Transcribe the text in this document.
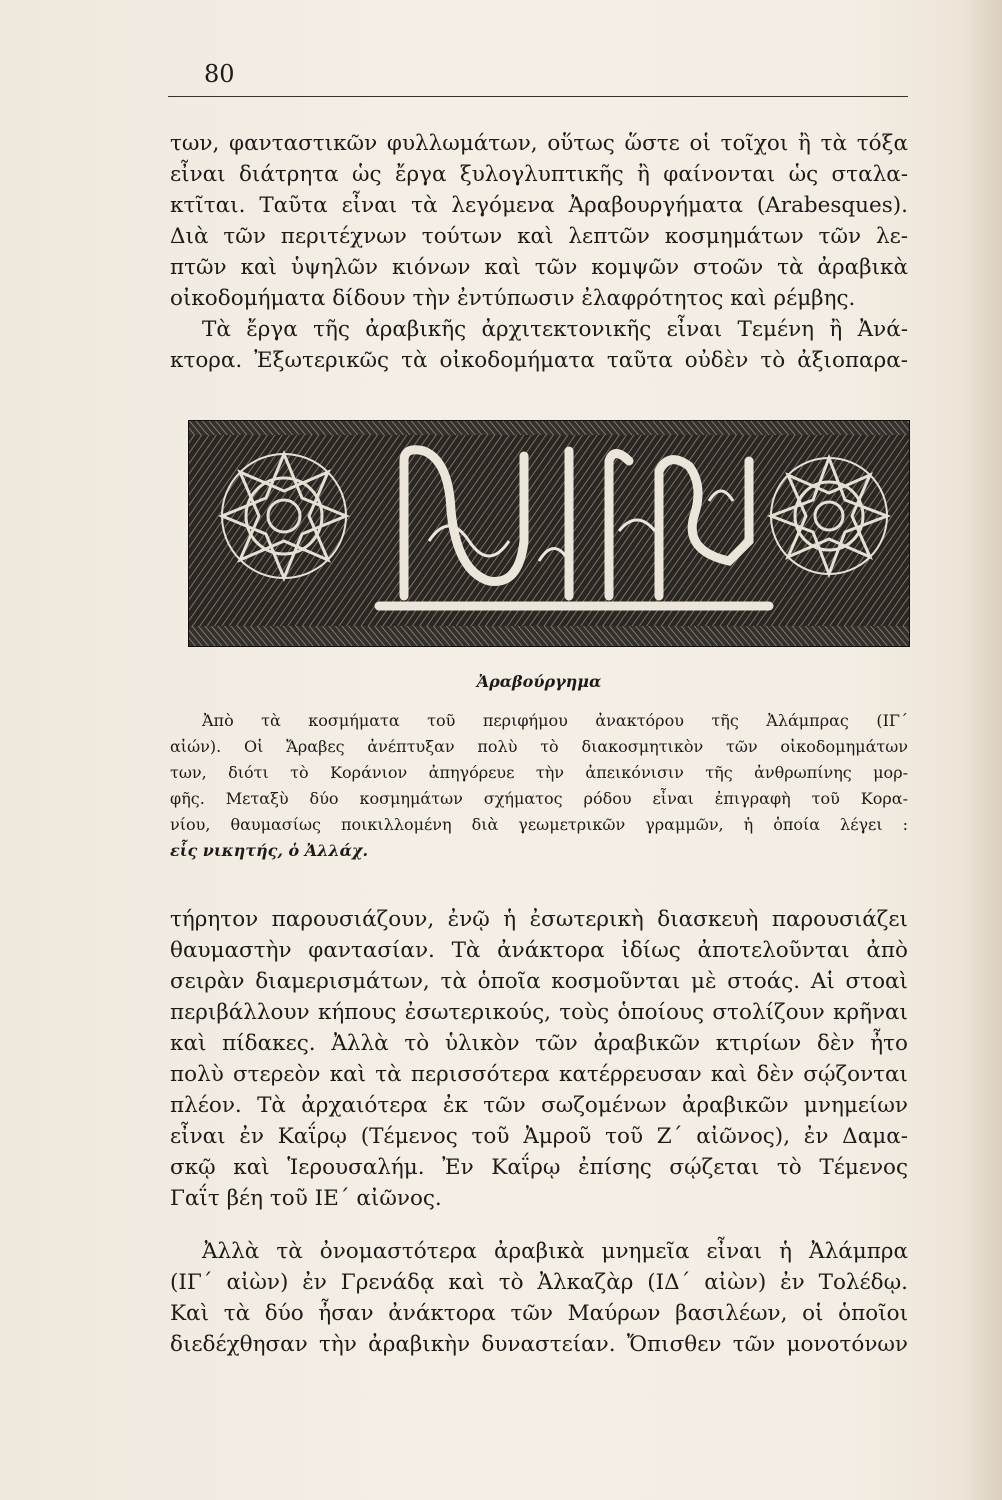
80
των, φανταστικῶν φυλλωμάτων, οὕτως ὥστε οἱ τοῖχοι ἢ τὰ τόξα
εἶναι διάτρητα ὡς ἔργα ξυλογλυπτικῆς ἢ φαίνονται ὡς σταλα-
κτῖται. Ταῦτα εἶναι τὰ λεγόμενα Ἀραβουργήματα (Arabesques).
Διὰ τῶν περιτέχνων τούτων καὶ λεπτῶν κοσμημάτων τῶν λε-
πτῶν καὶ ὑψηλῶν κιόνων καὶ τῶν κομψῶν στοῶν τὰ ἀραβικὰ
οἰκοδομήματα δίδουν τὴν ἐντύπωσιν ἐλαφρότητος καὶ ρέμβης.
Τὰ ἔργα τῆς ἀραβικῆς ἀρχιτεκτονικῆς εἶναι Τεμένη ἢ Ἀνά-
κτορα. Ἐξωτερικῶς τὰ οἰκοδομήματα ταῦτα οὐδὲν τὸ ἀξιοπαρα-
Ἀραβούργημα
Ἀπὸ τὰ κοσμήματα τοῦ περιφήμου ἀνακτόρου τῆς Ἀλάμπρας (ΙΓ´
αἰών). Οἱ Ἄραβες ἀνέπτυξαν πολὺ τὸ διακοσμητικὸν τῶν οἰκοδομημάτων
των, διότι τὸ Κοράνιον ἀπηγόρευε τὴν ἀπεικόνισιν τῆς ἀνθρωπίνης μορ-
φῆς. Μεταξὺ δύο κοσμημάτων σχήματος ρόδου εἶναι ἐπιγραφὴ τοῦ Κορα-
νίου, θαυμασίως ποικιλλομένη διὰ γεωμετρικῶν γραμμῶν, ἡ ὁποία λέγει :
εἷς νικητής, ὁ Ἀλλάχ.
τήρητον παρουσιάζουν, ἐνῷ ἡ ἐσωτερικὴ διασκευὴ παρουσιάζει
θαυμαστὴν φαντασίαν. Τὰ ἀνάκτορα ἰδίως ἀποτελοῦνται ἀπὸ
σειρὰν διαμερισμάτων, τὰ ὁποῖα κοσμοῦνται μὲ στοάς. Αἱ στοαὶ
περιβάλλουν κήπους ἐσωτερικούς, τοὺς ὁποίους στολίζουν κρῆναι
καὶ πίδακες. Ἀλλὰ τὸ ὑλικὸν τῶν ἀραβικῶν κτιρίων δὲν ἦτο
πολὺ στερεὸν καὶ τὰ περισσότερα κατέρρευσαν καὶ δὲν σῴζονται
πλέον. Τὰ ἀρχαιότερα ἐκ τῶν σωζομένων ἀραβικῶν μνημείων
εἶναι ἐν Καΐρῳ (Τέμενος τοῦ Ἀμροῦ τοῦ Ζ´ αἰῶνος), ἐν Δαμα-
σκῷ καὶ Ἱερουσαλήμ. Ἐν Καΐρῳ ἐπίσης σῴζεται τὸ Τέμενος
Γαΐτ βέη τοῦ ΙΕ´ αἰῶνος.
Ἀλλὰ τὰ ὀνομαστότερα ἀραβικὰ μνημεῖα εἶναι ἡ Ἀλάμπρα
(ΙΓ´ αἰὼν) ἐν Γρενάδᾳ καὶ τὸ Ἀλκαζὰρ (ΙΔ´ αἰὼν) ἐν Τολέδῳ.
Καὶ τὰ δύο ἦσαν ἀνάκτορα τῶν Μαύρων βασιλέων, οἱ ὁποῖοι
διεδέχθησαν τὴν ἀραβικὴν δυναστείαν. Ὄπισθεν τῶν μονοτόνων
